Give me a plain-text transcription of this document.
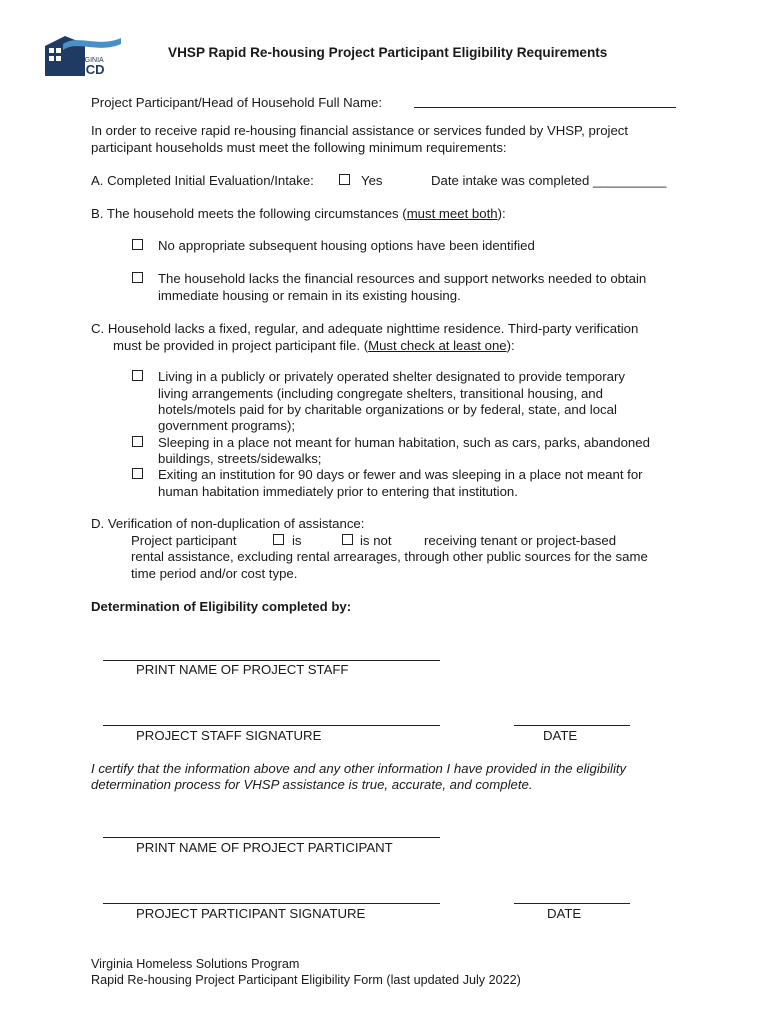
VIRGINIA
DHCD
VHSP Rapid Re-housing Project Participant Eligibility Requirements
Project Participant/Head of Household Full Name:
In order to receive rapid re-housing financial assistance or services funded by VHSP, project
participant households must meet the following minimum requirements:
A. Completed Initial Evaluation/Intake:	Yes	Date intake was completed __________
B. The household meets the following circumstances (must meet both):
No appropriate subsequent housing options have been identified
The household lacks the financial resources and support networks needed to obtain
immediate housing or remain in its existing housing.
C. Household lacks a fixed, regular, and adequate nighttime residence. Third-party verification
must be provided in project participant file. (Must check at least one):
Living in a publicly or privately operated shelter designated to provide temporary
living arrangements (including congregate shelters, transitional housing, and
hotels/motels paid for by charitable organizations or by federal, state, and local
government programs);
Sleeping in a place not meant for human habitation, such as cars, parks, abandoned
buildings, streets/sidewalks;
Exiting an institution for 90 days or fewer and was sleeping in a place not meant for
human habitation immediately prior to entering that institution.
D. Verification of non-duplication of assistance:
Project participant	is	is not receiving tenant or project-based
rental assistance, excluding rental arrearages, through other public sources for the same
time period and/or cost type.
Determination of Eligibility completed by:
PRINT NAME OF PROJECT STAFF
PROJECT STAFF SIGNATURE	DATE
I certify that the information above and any other information I have provided in the eligibility
determination process for VHSP assistance is true, accurate, and complete.
PRINT NAME OF PROJECT PARTICIPANT
PROJECT PARTICIPANT SIGNATURE	DATE
Virginia Homeless Solutions Program
Rapid Re-housing Project Participant Eligibility Form (last updated July 2022)
